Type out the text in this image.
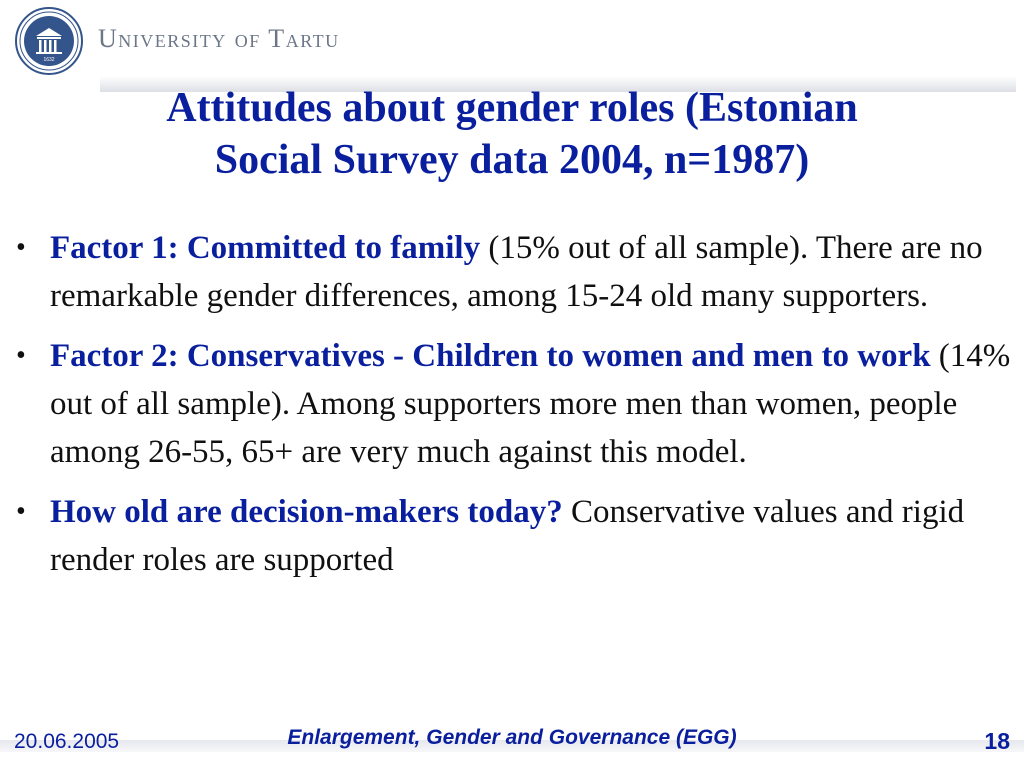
1632
University of Tartu
Attitudes about gender roles (Estonian
Social Survey data 2004, n=1987)
• Factor 1: Committed to family (15% out of all sample). There are no remarkable gender differences, among 15-24 old many supporters.
• Factor 2: Conservatives - Children to women and men to work (14% out of all sample). Among supporters more men than women, people among 26-55, 65+ are very much against this model.
• How old are decision-makers today? Conservative values and rigid render roles are supported
20.06.2005	Enlargement, Gender and Governance (EGG)	18
